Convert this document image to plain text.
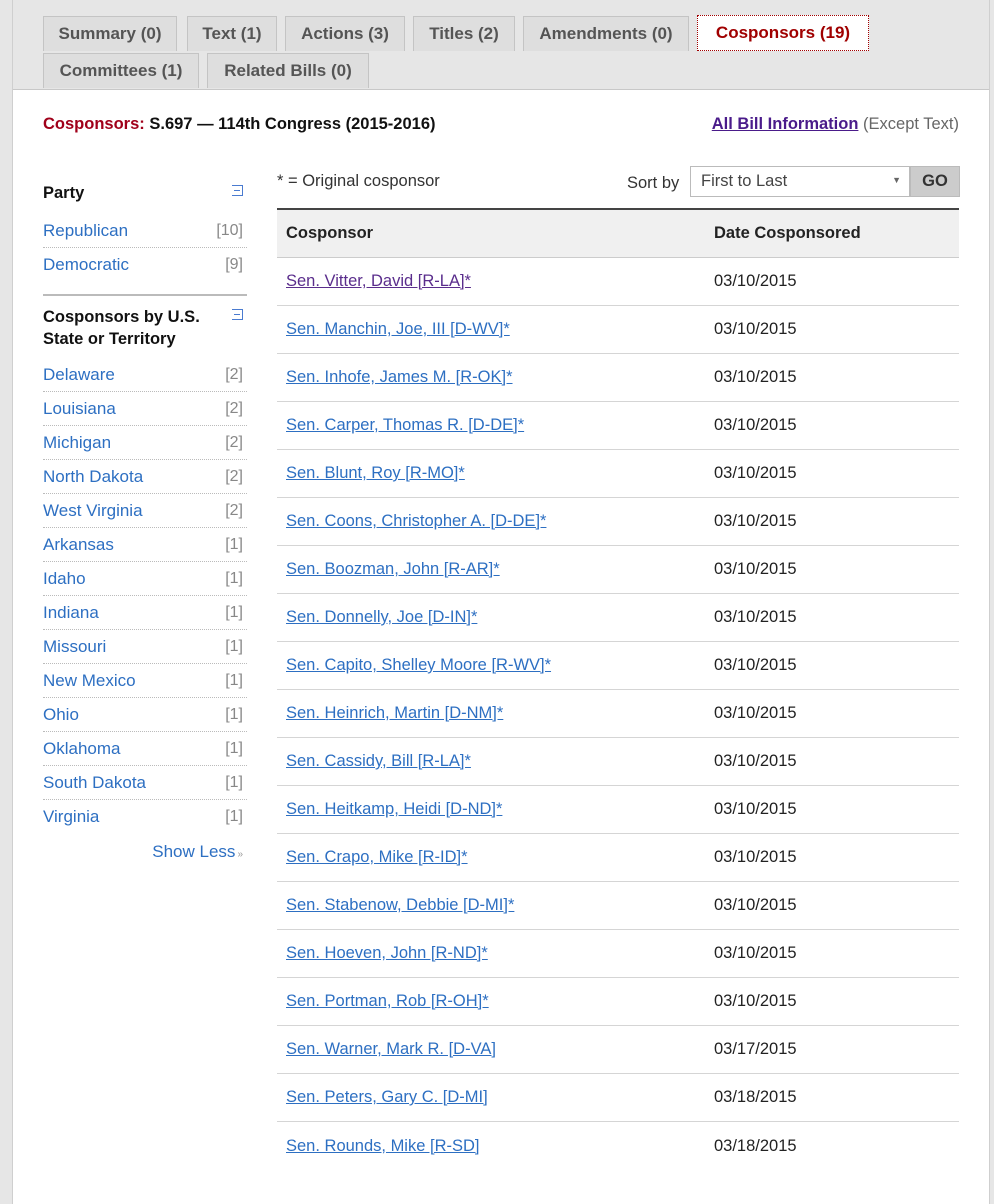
Summary (0)	Text (1)	Actions (3)	Titles (2)	Amendments (0)	Cosponsors (19)
Committees (1)	Related Bills (0)
Cosponsors: S.697 — 114th Congress (2015-2016)	All Bill Information (Except Text)
Party
Republican	[10]
Democratic	[9]
Cosponsors by U.S. State or Territory
Delaware	[2]
Louisiana	[2]
Michigan	[2]
North Dakota	[2]
West Virginia	[2]
Arkansas	[1]
Idaho	[1]
Indiana	[1]
Missouri	[1]
New Mexico	[1]
Ohio	[1]
Oklahoma	[1]
South Dakota	[1]
Virginia	[1]
Show Less »
* = Original cosponsor	Sort by First to Last	▼	GO
Cosponsor	Date Cosponsored
Sen. Vitter, David [R-LA]*	03/10/2015
Sen. Manchin, Joe, III [D-WV]*	03/10/2015
Sen. Inhofe, James M. [R-OK]*	03/10/2015
Sen. Carper, Thomas R. [D-DE]*	03/10/2015
Sen. Blunt, Roy [R-MO]*	03/10/2015
Sen. Coons, Christopher A. [D-DE]*	03/10/2015
Sen. Boozman, John [R-AR]*	03/10/2015
Sen. Donnelly, Joe [D-IN]*	03/10/2015
Sen. Capito, Shelley Moore [R-WV]*	03/10/2015
Sen. Heinrich, Martin [D-NM]*	03/10/2015
Sen. Cassidy, Bill [R-LA]*	03/10/2015
Sen. Heitkamp, Heidi [D-ND]*	03/10/2015
Sen. Crapo, Mike [R-ID]*	03/10/2015
Sen. Stabenow, Debbie [D-MI]*	03/10/2015
Sen. Hoeven, John [R-ND]*	03/10/2015
Sen. Portman, Rob [R-OH]*	03/10/2015
Sen. Warner, Mark R. [D-VA]	03/17/2015
Sen. Peters, Gary C. [D-MI]	03/18/2015
Sen. Rounds, Mike [R-SD]	03/18/2015
